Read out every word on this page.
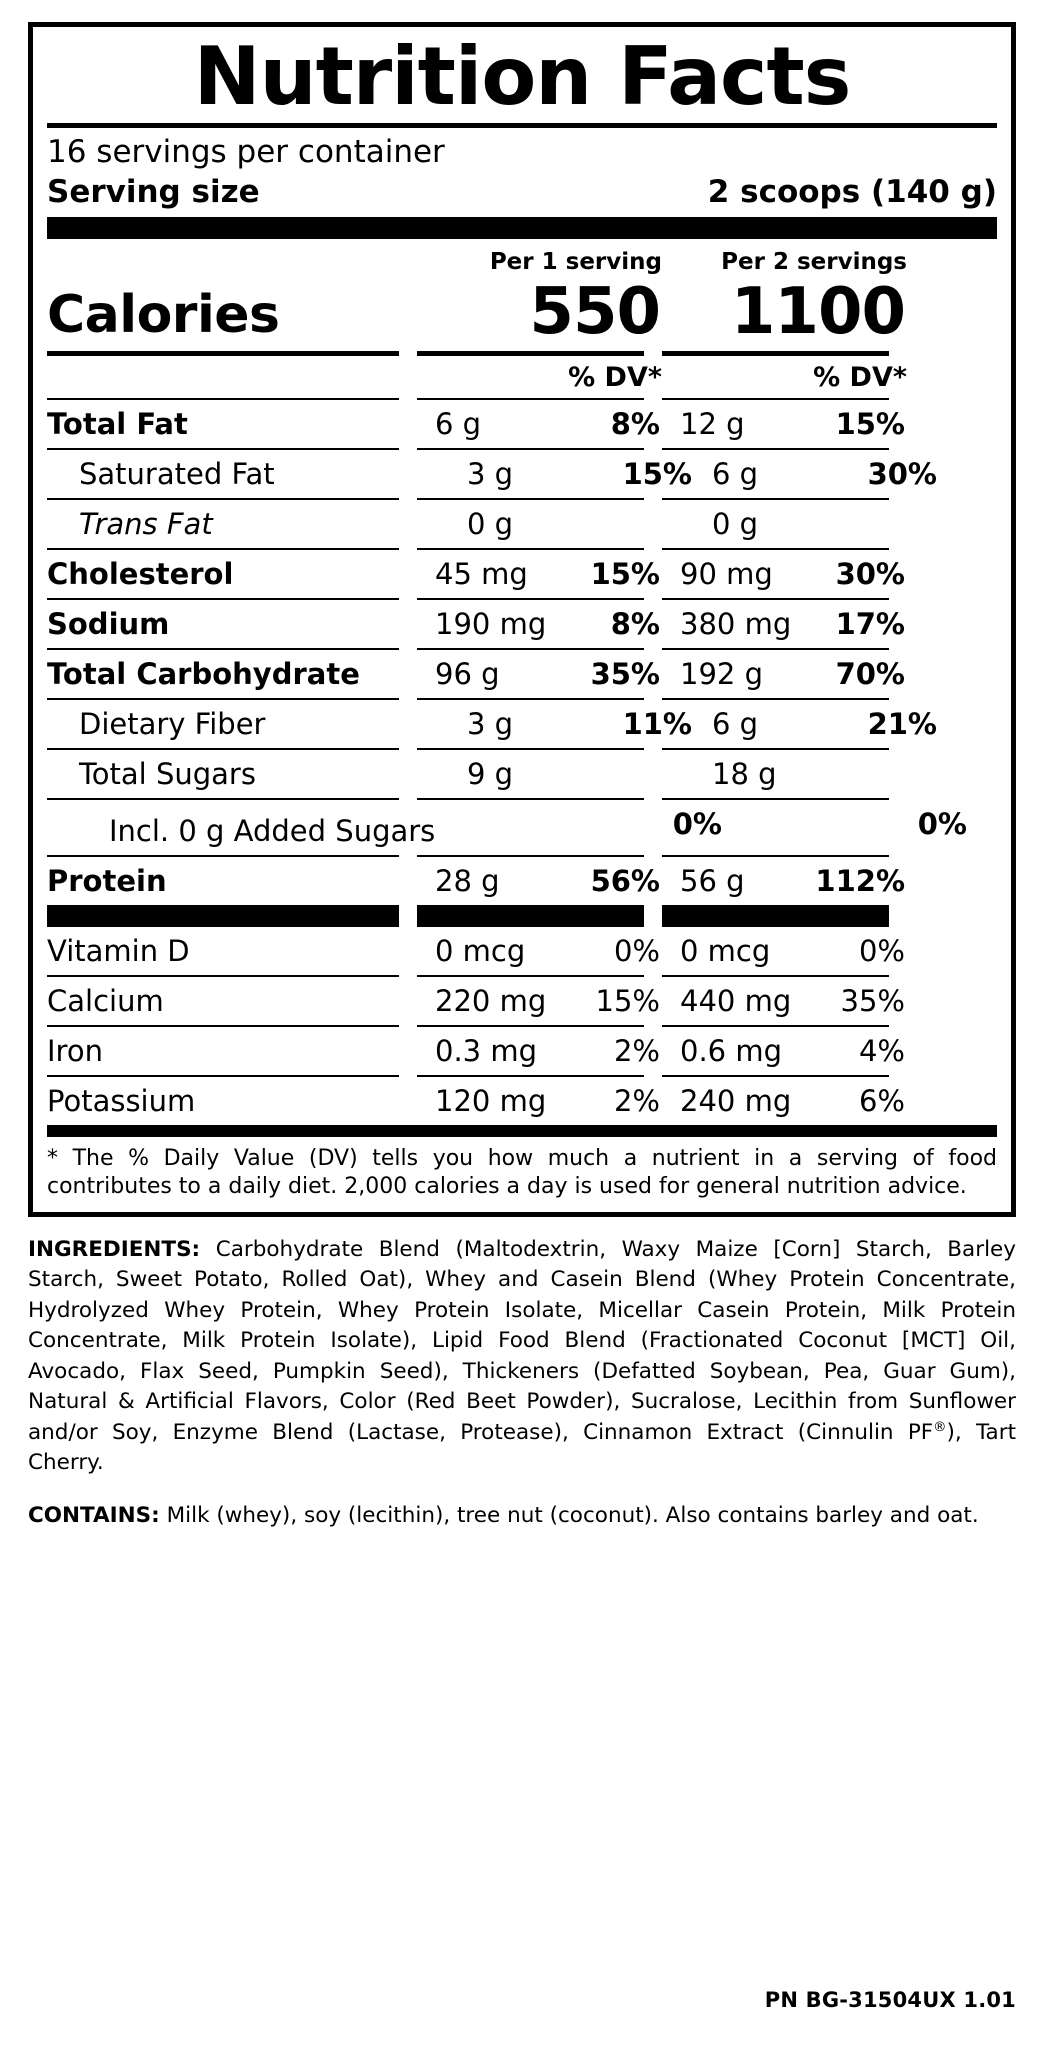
Nutrition Facts
16 servings per container
Serving size	2 scoops (140 g)
Per 1 serving	Per 2 servings
Calories	550	1100
% DV*	% DV*
Total Fat	6 g	8% 12 g	15%
Saturated Fat	3 g	15% 6 g	30%
Trans Fat	0 g	0 g
Cholesterol	45 mg 15% 90 mg 30%
Sodium	190 mg 8% 380 mg 17%
Total Carbohydrate	96 g	35% 192 g	70%
Dietary Fiber	3 g	11% 6 g	21%
Total Sugars	9 g	18 g
Incl. 0 g Added Sugars	0%	0%
Protein	28 g	56% 56 g 112%
Vitamin D	0 mcg	0% 0 mcg	0%
Calcium	220 mg 15% 440 mg 35%
Iron	0.3 mg	2% 0.6 mg	4%
Potassium	120 mg 2% 240 mg 6%
* The % Daily Value (DV) tells you how much a nutrient in a serving of food contributes to a daily diet. 2,000 calories a day is used for general nutrition advice.
INGREDIENTS: Carbohydrate Blend (Maltodextrin, Waxy Maize [Corn] Starch, Barley Starch, Sweet Potato, Rolled Oat), Whey and Casein Blend (Whey Protein Concentrate, Hydrolyzed Whey Protein, Whey Protein Isolate, Micellar Casein Protein, Milk Protein Concentrate, Milk Protein Isolate), Lipid Food Blend (Fractionated Coconut [MCT] Oil, Avocado, Flax Seed, Pumpkin Seed), Thickeners (Defatted Soybean, Pea, Guar Gum), Natural & Artificial Flavors, Color (Red Beet Powder), Sucralose, Lecithin from Sunflower and/or Soy, Enzyme Blend (Lactase, Protease), Cinnamon Extract (Cinnulin PF®), Tart Cherry.
CONTAINS: Milk (whey), soy (lecithin), tree nut (coconut). Also contains barley and oat.
PN BG-31504UX 1.01
